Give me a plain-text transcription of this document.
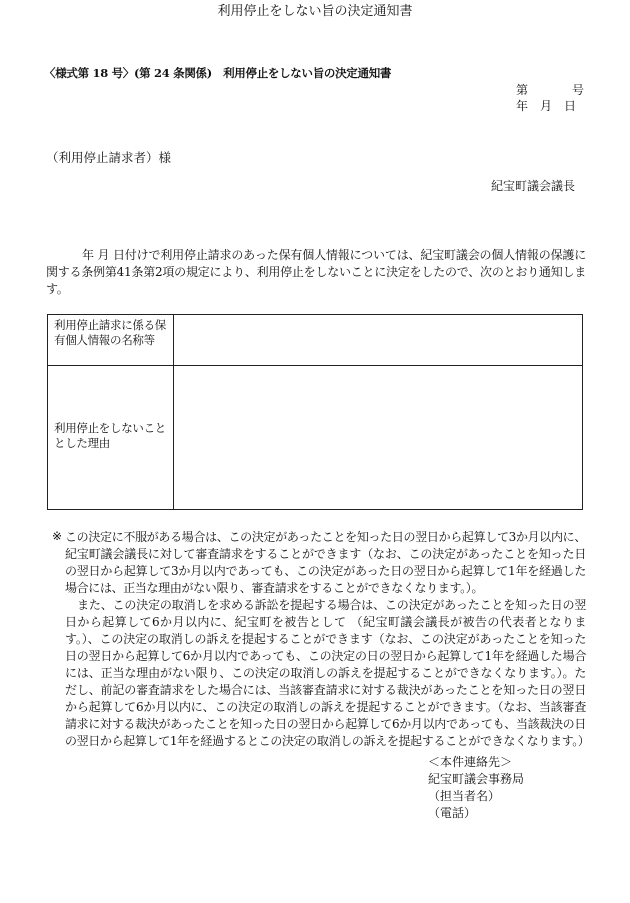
〈様式第 18 号〉(第 24 条関係)　利用停止をしない旨の決定通知書
第　　　号
年　月　日
（利用停止請求者）様
紀宝町議会議長
利用停止をしない旨の決定通知書
年 月 日付けで利用停止請求のあった保有個人情報については、紀宝町議会の個人情報の保護に関する条例第41条第2項の規定により、利用停止をしないことに決定をしたので、次のとおり通知します。
利用停止請求に係る保有個人情報の名称等
利用停止をしないこととした理由
※ この決定に不服がある場合は、この決定があったことを知った日の翌日から起算して3か月以内に、紀宝町議会議長に対して審査請求をすることができます（なお、この決定があったことを知った日の翌日から起算して3か月以内であっても、この決定があった日の翌日から起算して1年を経過した場合には、正当な理由がない限り、審査請求をすることができなくなります。）。
また、この決定の取消しを求める訴訟を提起する場合は、この決定があったことを知った日の翌日から起算して6か月以内に、紀宝町を被告として （紀宝町議会議長が被告の代表者となります。）、この決定の取消しの訴えを提起することができます（なお、この決定があったことを知った日の翌日から起算して6か月以内であっても、この決定の日の翌日から起算して1年を経過した場合には、正当な理由がない限り、この決定の取消しの訴えを提起することができなくなります。）。ただし、前記の審査請求をした場合には、当該審査請求に対する裁決があったことを知った日の翌日から起算して6か月以内に、この決定の取消しの訴えを提起することができます。（なお、当該審査請求に対する裁決があったことを知った日の翌日から起算して6か月以内であっても、当該裁決の日の翌日から起算して1年を経過するとこの決定の取消しの訴えを提起することができなくなります。）
＜本件連絡先＞
紀宝町議会事務局
（担当者名）
（電話）
